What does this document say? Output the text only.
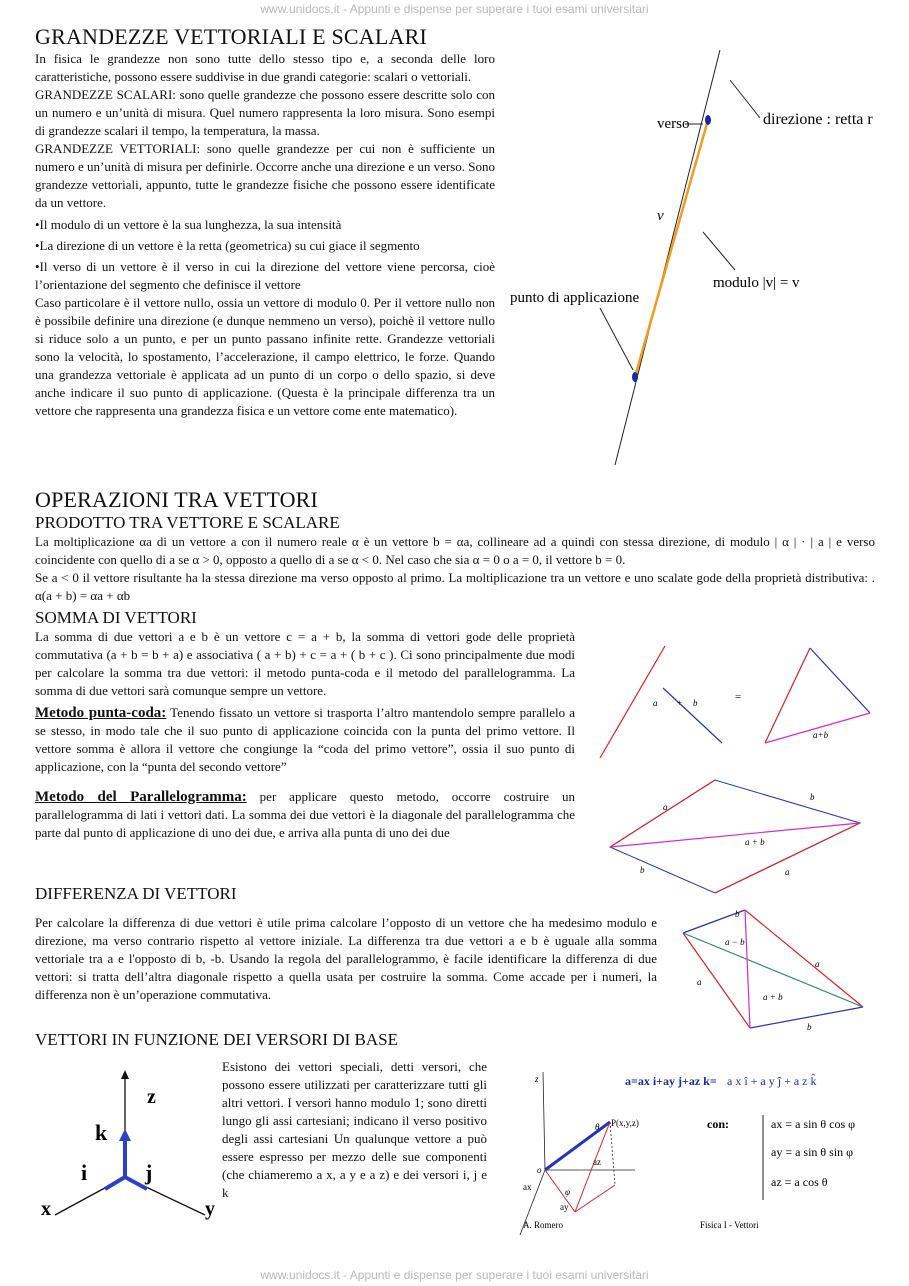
www.unidocs.it - Appunti e dispense per superare i tuoi esami universitari
www.unidocs.it - Appunti e dispense per superare i tuoi esami universitari
GRANDEZZE VETTORIALI E SCALARI

In fisica le grandezze non sono tutte dello stesso tipo e, a seconda delle loro caratteristiche, possono essere suddivise in due grandi categorie: scalari o vettoriali.

GRANDEZZE SCALARI: sono quelle grandezze che possono essere descritte solo con un numero e un’unità di misura. Quel numero rappresenta la loro misura. Sono esempi di grandezze scalari il tempo, la temperatura, la massa.

GRANDEZZE VETTORIALI: sono quelle grandezze per cui non è sufficiente un numero e un’unità di misura per definirle. Occorre anche una direzione e un verso. Sono grandezze vettoriali, appunto, tutte le grandezze fisiche che possono essere identificate da un vettore.

•Il modulo di un vettore è la sua lunghezza, la sua intensità

•La direzione di un vettore è la retta (geometrica) su cui giace il segmento

•Il verso di un vettore è il verso in cui la direzione del vettore viene percorsa, cioè l’orientazione del segmento che definisce il vettore

Caso particolare è il vettore nullo, ossia un vettore di modulo 0. Per il vettore nullo non è possibile definire una direzione (e dunque nemmeno un verso), poichè il vettore nullo si riduce solo a un punto, e per un punto passano infinite rette. Grandezze vettoriali sono la velocità, lo spostamento, l’accelerazione, il campo elettrico, le forze. Quando una grandezza vettoriale è applicata ad un punto di un corpo o dello spazio, si deve anche indicare il suo punto di applicazione. (Questa è la principale differenza tra un vettore che rappresenta una grandezza fisica e un vettore come ente matematico).

verso	direzione : retta r
v
modulo |v| = v
punto di applicazione
OPERAZIONI TRA VETTORI
PRODOTTO TRA VETTORE E SCALARE

La moltiplicazione αa di un vettore a con il numero reale α è un vettore b = αa, collineare ad a quindi con stessa direzione, di modulo | α | · | a | e verso coincidente con quello di a se α > 0, opposto a quello di a se α < 0. Nel caso che sia α = 0 o a = 0, il vettore b = 0.

Se a < 0 il vettore risultante ha la stessa direzione ma verso opposto al primo. La moltiplicazione tra un vettore e uno scalate gode della proprietà distributiva: . α(a + b) = αa + αb

SOMMA DI VETTORI

La somma di due vettori a e b è un vettore c = a + b, la somma di vettori gode delle proprietà commutativa (a + b = b + a) e associativa ( a + b) + c = a + ( b + c ). Ci sono principalmente due modi per calcolare la somma tra due vettori: il metodo punta-coda e il metodo del parallelogramma. La somma di due vettori sarà comunque sempre un vettore.

Metodo punta-coda: Tenendo fissato un vettore si trasporta l’altro mantendolo sempre parallelo a se stesso, in modo tale che il suo punto di applicazione coincida con la punta del primo vettore. Il vettore somma è allora il vettore che congiunge la “coda del primo vettore”, ossia il suo punto di applicazione, con la “punta del secondo vettore”

Metodo del Parallelogramma: per applicare questo metodo, occorre costruire un parallelogramma di lati i vettori dati. La somma dei due vettori è la diagonale del parallelogramma che parte dal punto di applicazione di uno dei due, e arriva alla punta di uno dei due

a + b	=
a+b
b
a
a + b
a
b
DIFFERENZA DI VETTORI

Per calcolare la differenza di due vettori è utile prima calcolare l’opposto di un vettore che ha medesimo modulo e direzione, ma verso contrario rispetto al vettore iniziale. La differenza tra due vettori a e b è uguale alla somma vettoriale tra a e l'opposto di b, -b. Usando la regola del parallelogrammo, è facile identificare la differenza di due vettori: si tratta dell’altra diagonale rispetto a quella usata per costruire la somma. Come accade per i numeri, la differenza non è un’operazione commutativa.

b
a − b
a
a
a + b
b
VETTORI IN FUNZIONE DEI VERSORI DI BASE

Esistono dei vettori speciali, detti versori, che possono essere utilizzati per caratterizzare tutti gli altri vettori. I versori hanno modulo 1; sono diretti lungo gli assi cartesiani; indicano il verso positivo degli assi cartesiani Un qualunque vettore a può essere espresso per mezzo delle sue componenti (che chiameremo a x, a y e a z) e dei versori i, j e k

z
k
i	j
x	y
z
θ P(x,y,z)
o
φ
ax
az
ay
A. Romero
a=ax i+ay j+az k= a x î + a y ĵ + a z k̂
con:	ax = a sin θ cos φ
ay = a sin θ sin φ
az = a cos θ
Fisica I - Vettori
